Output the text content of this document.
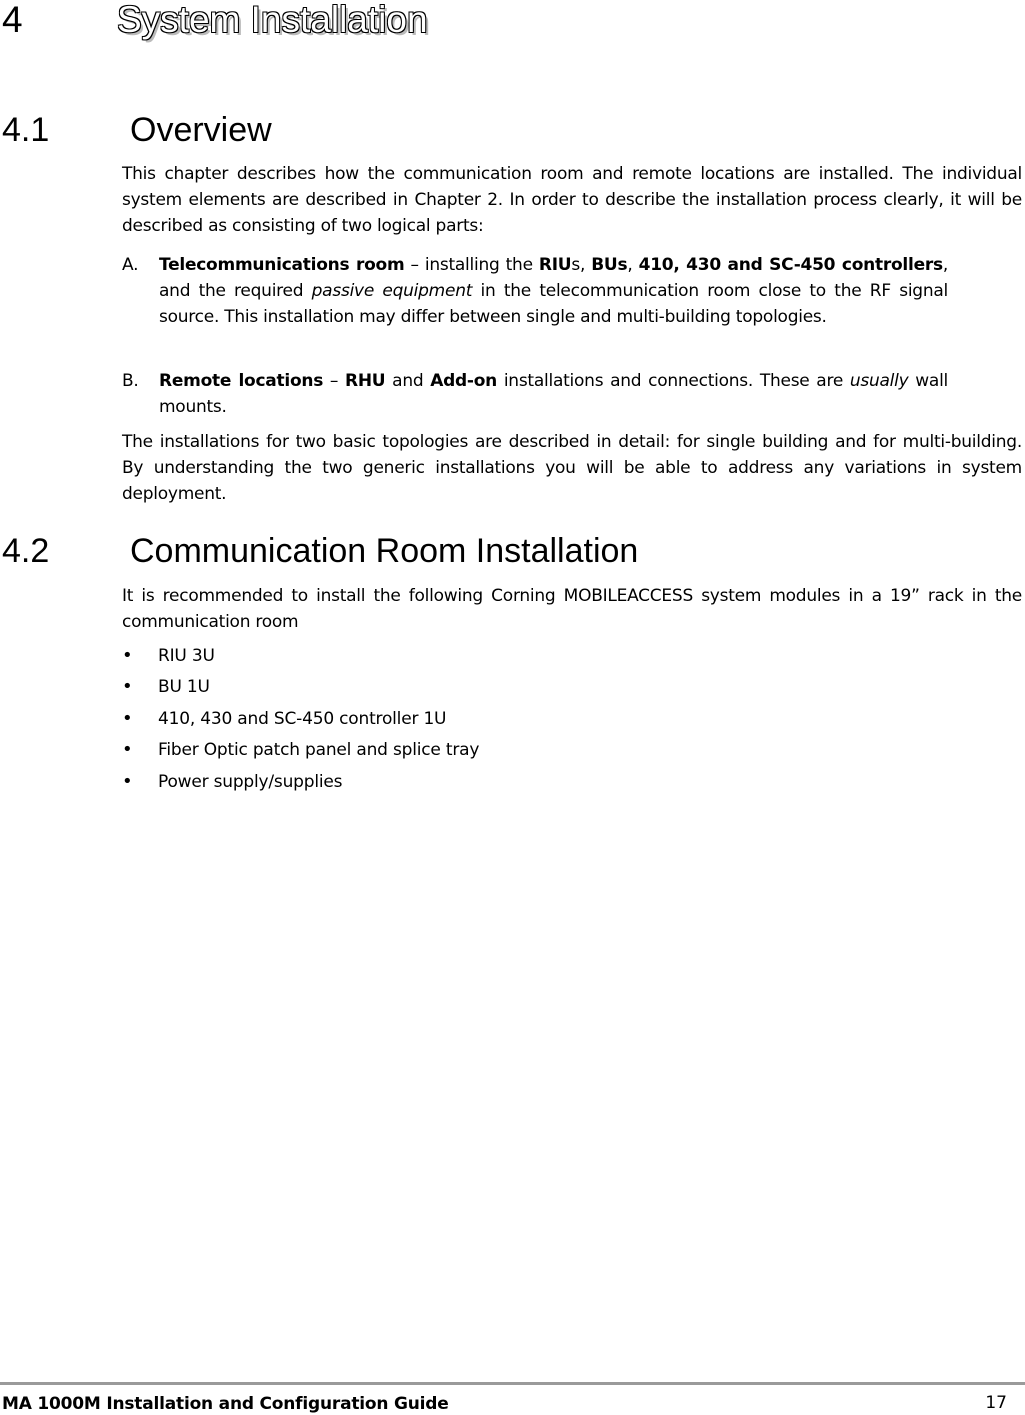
4	System Installation
4.1 Overview

This chapter describes how the communication room and remote locations are installed. The individual system elements are described in Chapter 2. In order to describe the installation process clearly, it will be described as consisting of two logical parts:

A. Telecommunications room – installing the RIUs, BUs, 410, 430 and SC-450 controllers, and the required passive equipment in the telecommunication room close to the RF signal source. This installation may differ between single and multi-building topologies.
B. Remote locations – RHU and Add-on installations and connections. These are usually wall mounts.

The installations for two basic topologies are described in detail: for single building and for multi-building. By understanding the two generic installations you will be able to address any variations in system deployment.

4.2 Communication Room Installation

It is recommended to install the following Corning MOBILEACCESS system modules in a 19” rack in the communication room

• RIU 3U
• BU 1U
• 410, 430 and SC-450 controller 1U
• Fiber Optic patch panel and splice tray
• Power supply/supplies
MA 1000M Installation and Configuration Guide	17
